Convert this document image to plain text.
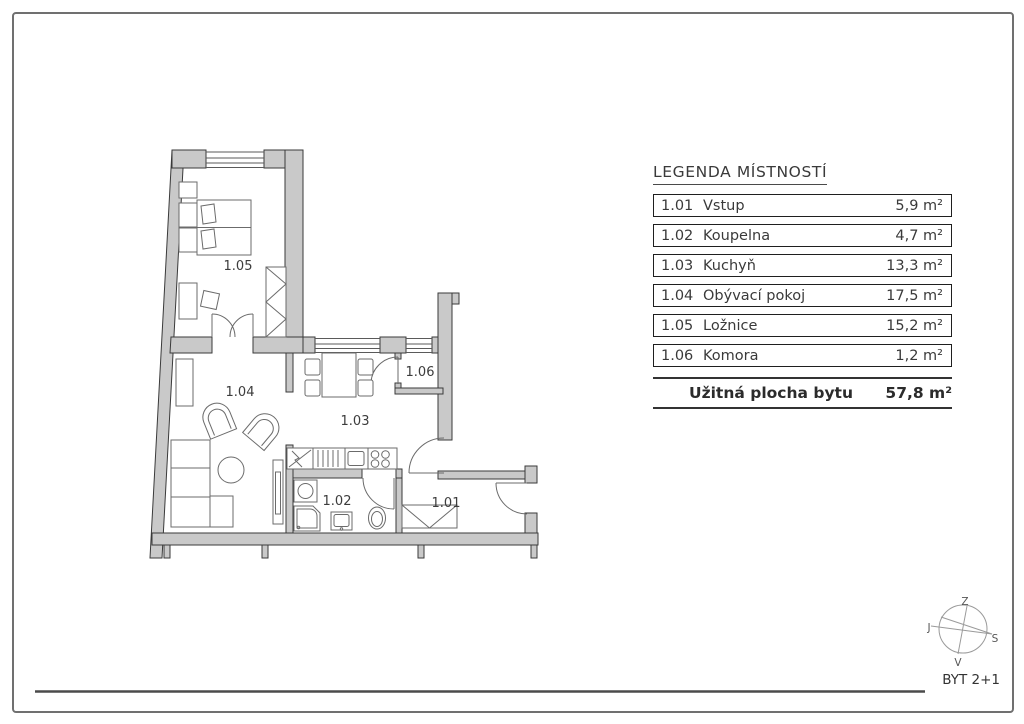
1.05
1.04
1.03
1.06
1.02	1.01
Z
J
S
V
BYT 2+1
LEGENDA MÍSTNOSTÍ
1.01 Vstup	5,9 m²
1.02 Koupelna	4,7 m²
1.03 Kuchyň	13,3 m²
1.04 Obývací pokoj	17,5 m²
1.05 Ložnice	15,2 m²
1.06 Komora	1,2 m²
Užitná plocha bytu	57,8 m²
